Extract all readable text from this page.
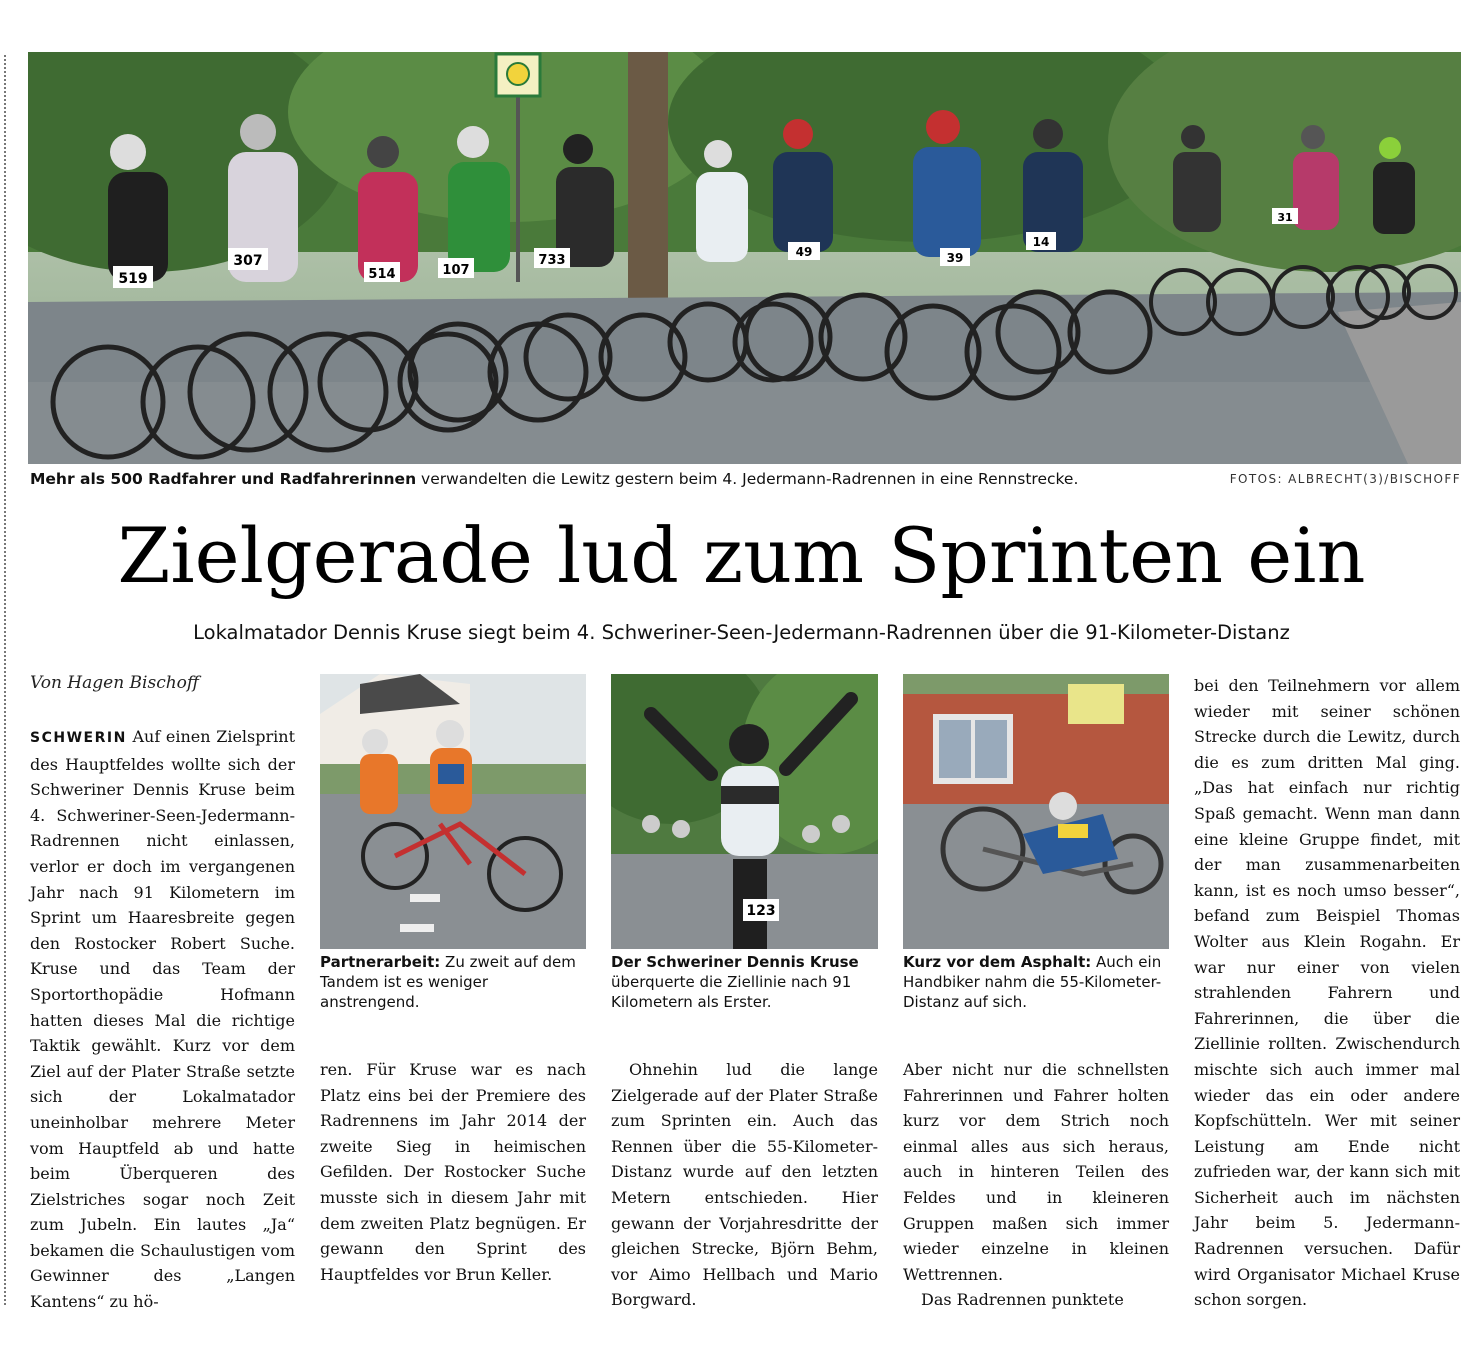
519
307
514	107
733
49
14
39
31
Mehr als 500 Radfahrer und Radfahrerinnen verwandelten die Lewitz gestern beim 4. Jedermann-Radrennen in eine Rennstrecke.	FOTOS: ALBRECHT(3)/BISCHOFF
Zielgerade lud zum Sprinten ein
Lokalmatador Dennis Kruse siegt beim 4. Schweriner-Seen-Jedermann-Radrennen über die 91-Kilometer-Distanz
Von Hagen Bischoff
SCHWERIN Auf einen Zielsprint des Hauptfeldes wollte sich der Schweriner Dennis Kruse beim 4. Schweriner-Seen-Jedermann-Radrennen nicht einlassen, verlor er doch im vergangenen Jahr nach 91 Kilometern im Sprint um Haaresbreite gegen den Rostocker Robert Suche. Kruse und das Team der Sportorthopädie Hofmann hatten dieses Mal die richtige Taktik gewählt. Kurz vor dem Ziel auf der Plater Straße setzte sich der Lokalmatador uneinholbar mehrere Meter vom Hauptfeld ab und hatte beim Überqueren des Zielstriches sogar noch Zeit zum Jubeln. Ein lautes „Ja“ bekamen die Schaulustigen vom Gewinner des „Langen Kantens“ zu hö-
Partnerarbeit: Zu zweit auf dem Tandem ist es weniger anstrengend.
123
Der Schweriner Dennis Kruse überquerte die Ziellinie nach 91 Kilometern als Erster.
Kurz vor dem Asphalt: Auch ein Handbiker nahm die 55-Kilometer-Distanz auf sich.
ren. Für Kruse war es nach Platz eins bei der Premiere des Radrennens im Jahr 2014 der zweite Sieg in heimischen Gefilden. Der Rostocker Suche musste sich in diesem Jahr mit dem zweiten Platz begnügen. Er gewann den Sprint des Hauptfeldes vor Brun Keller.
Ohnehin lud die lange Zielgerade auf der Plater Straße zum Sprinten ein. Auch das Rennen über die 55-Kilometer-Distanz wurde auf den letzten Metern entschieden. Hier gewann der Vorjahresdritte der gleichen Strecke, Björn Behm, vor Aimo Hellbach und Mario Borgward.
Aber nicht nur die schnellsten Fahrerinnen und Fahrer holten kurz vor dem Strich noch einmal alles aus sich heraus, auch in hinteren Teilen des Feldes und in kleineren Gruppen maßen sich immer wieder einzelne in kleinen Wettrennen.
Das Radrennen punktete
bei den Teilnehmern vor allem wieder mit seiner schönen Strecke durch die Lewitz, durch die es zum dritten Mal ging. „Das hat einfach nur richtig Spaß gemacht. Wenn man dann eine kleine Gruppe findet, mit der man zusammenarbeiten kann, ist es noch umso besser“, befand zum Beispiel Thomas Wolter aus Klein Rogahn. Er war nur einer von vielen strahlenden Fahrern und Fahrerinnen, die über die Ziellinie rollten. Zwischendurch mischte sich auch immer mal wieder das ein oder andere Kopfschütteln. Wer mit seiner Leistung am Ende nicht zufrieden war, der kann sich mit Sicherheit auch im nächsten Jahr beim 5. Jedermann-Radrennen versuchen. Dafür wird Organisator Michael Kruse schon sorgen.
